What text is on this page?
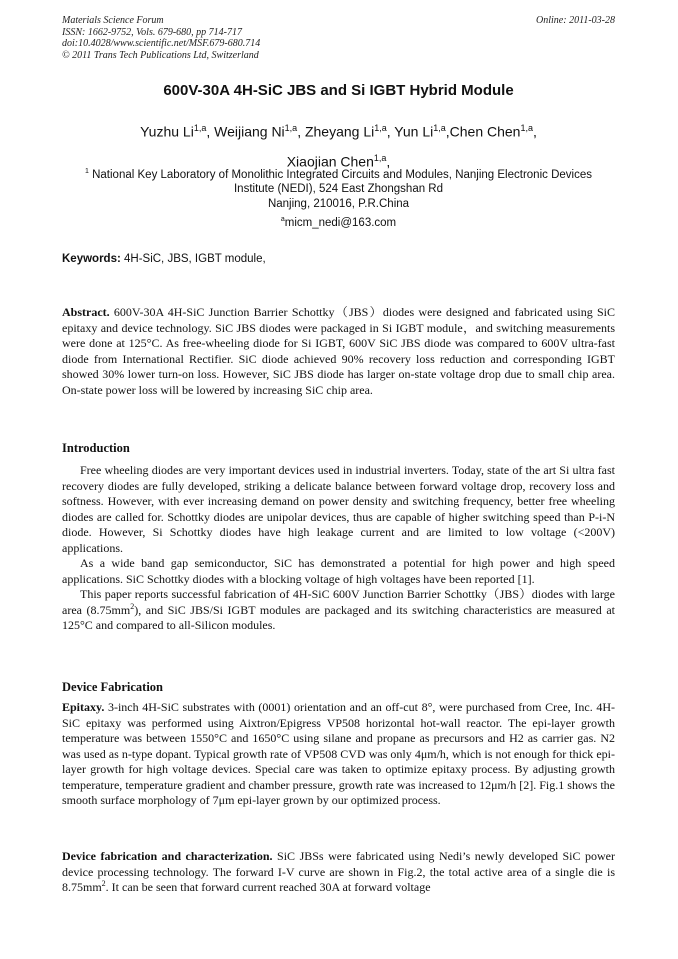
Materials Science Forum
ISSN: 1662-9752, Vols. 679-680, pp 714-717
doi:10.4028/www.scientific.net/MSF.679-680.714
© 2011 Trans Tech Publications Ltd, Switzerland
Online: 2011-03-28
600V-30A 4H-SiC JBS and Si IGBT Hybrid Module
Yuzhu Li$^{1,a}$, Weijiang Ni$^{1,a}$, Zheyang Li$^{1,a}$, Yun Li$^{1,a}$,Chen Chen$^{1,a}$,
Xiaojian Chen$^{1,a}$,
$^1$ National Key Laboratory of Monolithic Integrated Circuits and Modules, Nanjing Electronic Devices
Institute (NEDI), 524 East Zhongshan Rd
Nanjing, 210016, P.R.China
$^a$micm_nedi@163.com
Keywords: 4H-SiC, JBS, IGBT module,

Abstract. 600V-30A 4H-SiC Junction Barrier Schottky（JBS）diodes were designed and fabricated using SiC epitaxy and device technology. SiC JBS diodes were packaged in Si IGBT module，and switching measurements were done at 125°C. As free-wheeling diode for Si IGBT, 600V SiC JBS diode was compared to 600V ultra-fast diode from International Rectifier. SiC diode achieved 90% recovery loss reduction and corresponding IGBT showed 30% lower turn-on loss. However, SiC JBS diode has larger on-state voltage drop due to small chip area. On-state power loss will be lowered by increasing SiC chip area.

Introduction

Free wheeling diodes are very important devices used in industrial inverters. Today, state of the art Si ultra fast recovery diodes are fully developed, striking a delicate balance between forward voltage drop, recovery loss and softness. However, with ever increasing demand on power density and switching frequency, better free wheeling diodes are called for. Schottky diodes are unipolar devices, thus are capable of higher switching speed than P-i-N diode. However, Si Schottky diodes have high leakage current and are limited to low voltage (<200V) applications.

As a wide band gap semiconductor, SiC has demonstrated a potential for high power and high speed applications. SiC Schottky diodes with a blocking voltage of high voltages have been reported [1].

This paper reports successful fabrication of 4H-SiC 600V Junction Barrier Schottky（JBS）diodes with large area $(8.75mm^2)$, and SiC JBS/Si IGBT modules are packaged and its switching characteristics are measured at 125°C and compared to all-Silicon modules.

Device Fabrication

Epitaxy. 3-inch 4H-SiC substrates with (0001) orientation and an off-cut 8°, were purchased from Cree, Inc. 4H-SiC epitaxy was performed using Aixtron/Epigress VP508 horizontal hot-wall reactor. The epi-layer growth temperature was between 1550°C and 1650°C using silane and propane as precursors and H2 as carrier gas. N2 was used as n-type dopant. Typical growth rate of VP508 CVD was only 4μm/h, which is not enough for thick epi-layer growth for high voltage devices. Special care was taken to optimize epitaxy process. By adjusting growth temperature, temperature gradient and chamber pressure, growth rate was increased to 12μm/h [2]. Fig.1 shows the smooth surface morphology of 7μm epi-layer grown by our optimized process.

Device fabrication and characterization. SiC JBSs were fabricated using Nedi’s newly developed SiC power device processing technology. The forward I-V curve are shown in Fig.2, the total active area of a single die is $8.75mm^2$. It can be seen that forward current reached 30A at forward voltage
